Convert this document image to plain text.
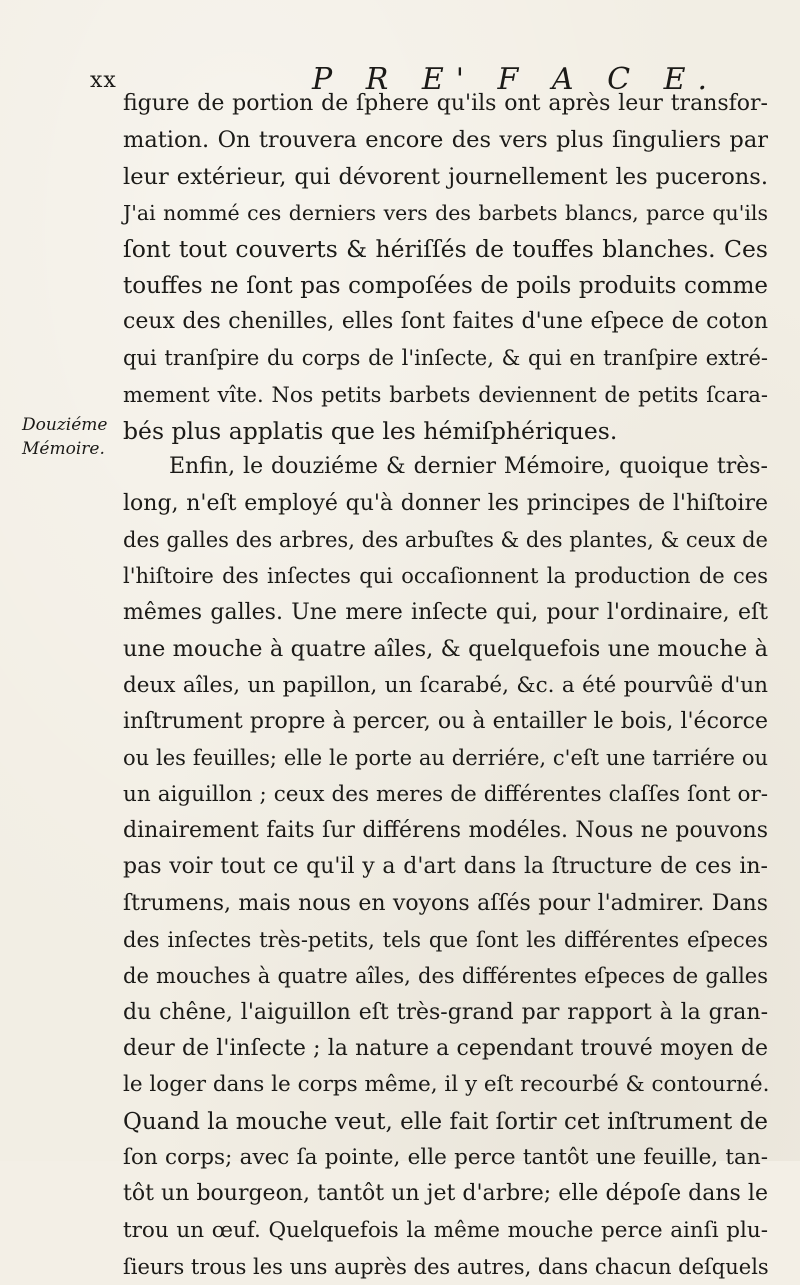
xx	P R E' F A C E.
Douziéme
Mémoire.
figure de portion de ſphere qu'ils ont après leur transfor-
mation. On trouvera encore des vers plus ſinguliers par
leur extérieur, qui dévorent journellement les pucerons.
J'ai nommé ces derniers vers des barbets blancs, parce qu'ils
ſont tout couverts & hériſſés de touffes blanches. Ces
touffes ne ſont pas compoſées de poils produits comme
ceux des chenilles, elles ſont faites d'une eſpece de coton
qui tranſpire du corps de l'inſecte, & qui en tranſpire extré-
mement vîte. Nos petits barbets deviennent de petits ſcara-
bés plus applatis que les hémiſphériques.
Enfin, le douziéme & dernier Mémoire, quoique très-
long, n'eſt employé qu'à donner les principes de l'hiſtoire
des galles des arbres, des arbuſtes & des plantes, & ceux de
l'hiſtoire des inſectes qui occaſionnent la production de ces
mêmes galles. Une mere inſecte qui, pour l'ordinaire, eſt
une mouche à quatre aîles, & quelquefois une mouche à
deux aîles, un papillon, un ſcarabé, &c. a été pourvûë d'un
inſtrument propre à percer, ou à entailler le bois, l'écorce
ou les feuilles; elle le porte au derriére, c'eſt une tarriére ou
un aiguillon ; ceux des meres de différentes claſſes ſont or-
dinairement faits ſur différens modéles. Nous ne pouvons
pas voir tout ce qu'il y a d'art dans la ſtructure de ces in-
ſtrumens, mais nous en voyons aſſés pour l'admirer. Dans
des inſectes très-petits, tels que ſont les différentes eſpeces
de mouches à quatre aîles, des différentes eſpeces de galles
du chêne, l'aiguillon eſt très-grand par rapport à la gran-
deur de l'inſecte ; la nature a cependant trouvé moyen de
le loger dans le corps même, il y eſt recourbé & contourné.
Quand la mouche veut, elle fait ſortir cet inſtrument de
ſon corps; avec ſa pointe, elle perce tantôt une feuille, tan-
tôt un bourgeon, tantôt un jet d'arbre; elle dépoſe dans le
trou un œuf. Quelquefois la même mouche perce ainſi plu-
ſieurs trous les uns auprès des autres, dans chacun deſquels
